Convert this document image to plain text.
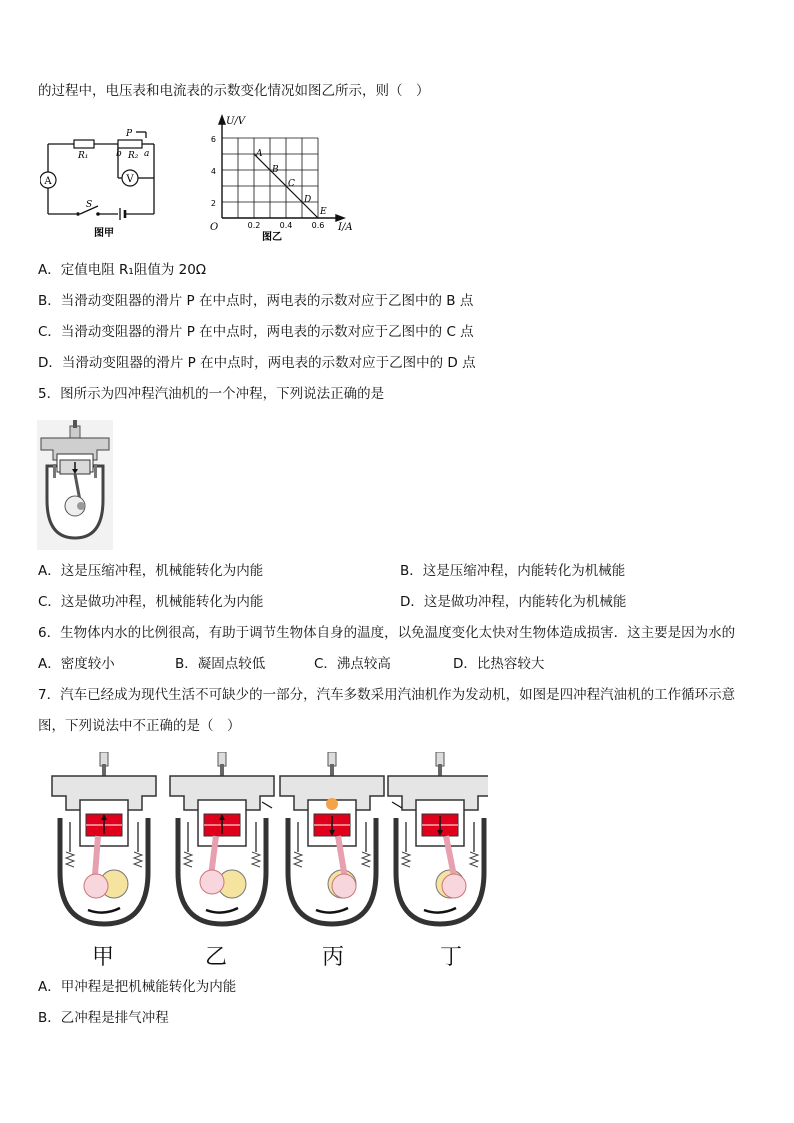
的过程中，电压表和电流表的示数变化情况如图乙所示，则（　）
A	V
R₁	R₂
P
a
b
S
图甲
U/V
I/A
O
2
4
6
0.2 0.4 0.6
A
B
C
D
E
图乙
A．定值电阻 R₁阻值为 20Ω
B．当滑动变阻器的滑片 P 在中点时，两电表的示数对应于乙图中的 B 点
C．当滑动变阻器的滑片 P 在中点时，两电表的示数对应于乙图中的 C 点
D．当滑动变阻器的滑片 P 在中点时，两电表的示数对应于乙图中的 D 点
5．图所示为四冲程汽油机的一个冲程，下列说法正确的是
A．这是压缩冲程，机械能转化为内能	B．这是压缩冲程，内能转化为机械能
C．这是做功冲程，机械能转化为内能	D．这是做功冲程，内能转化为机械能
6．生物体内水的比例很高，有助于调节生物体自身的温度，以免温度变化太快对生物体造成损害．这主要是因为水的
A．密度较小	B．凝固点较低	C．沸点较高	D．比热容较大
7．汽车已经成为现代生活不可缺少的一部分，汽车多数采用汽油机作为发动机，如图是四冲程汽油机的工作循环示意
图，下列说法中不正确的是（　）
甲	乙	丙	丁
A．甲冲程是把机械能转化为内能
B．乙冲程是排气冲程
